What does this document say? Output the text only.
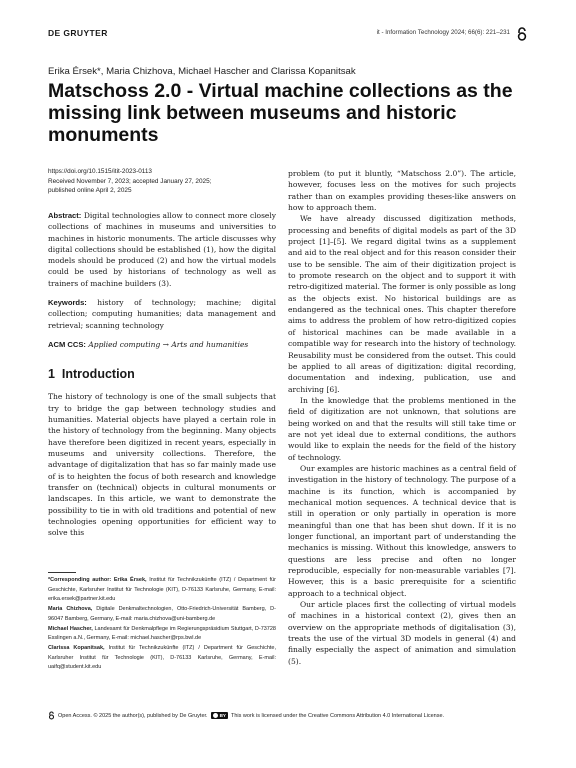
DE GRUYTER	it - Information Technology 2024; 66(6): 221–231
Erika Érsek*, Maria Chizhova, Michael Hascher and Clarissa Kopanitsak
Matschoss 2.0 - Virtual machine collections as the missing link between museums and historic monuments
https://doi.org/10.1515/itit-2023-0113
Received November 7, 2023; accepted January 27, 2025;
published online April 2, 2025

Abstract: Digital technologies allow to connect more closely collections of machines in museums and universities to machines in historic monuments. The article discusses why digital collections should be established (1), how the digital models should be produced (2) and how the virtual models could be used by historians of technology as well as trainers of machine builders (3).

Keywords: history of technology; machine; digital collection; computing humanities; data management and retrieval; scanning technology

ACM CCS: Applied computing → Arts and humanities

1 Introduction

The history of technology is one of the small subjects that try to bridge the gap between technology studies and humanities. Material objects have played a certain role in the history of technology from the beginning. Many objects have therefore been digitized in recent years, especially in museums and university collections. Therefore, the advantage of digitalization that has so far mainly made use of is to heighten the focus of both research and knowledge transfer on (technical) objects in cultural monuments or landscapes. In this article, we want to demonstrate the possibility to tie in with old traditions and potential of new technologies opening opportunities for efficient way to solve this

*Corresponding author: Erika Érsek, Institut für Technikzukünfte (ITZ) / Department für Geschichte, Karlsruher Institut für Technologie (KIT), D-76133 Karlsruhe, Germany, E-mail: erika.ersek@partner.kit.edu

Maria Chizhova, Digitale Denkmaltechnologien, Otto-Friedrich-Universität Bamberg, D-96047 Bamberg, Germany, E-mail: maria.chizhova@uni-bamberg.de

Michael Hascher, Landesamt für Denkmalpflege im Regierungspräsidium Stuttgart, D-73728 Esslingen a.N., Germany, E-mail: michael.hascher@rps.bwl.de

Clarissa Kopanitsak, Institut für Technikzukünfte (ITZ) / Department für Geschichte, Karlsruher Institut für Technologie (KIT), D-76133 Karlsruhe, Germany, E-mail: uaifq@student.kit.edu

problem (to put it bluntly, “Matschoss 2.0”). The article, however, focuses less on the motives for such projects rather than on examples providing theses-like answers on how to approach them.

We have already discussed digitization methods, processing and benefits of digital models as part of the 3D project [1]–[5]. We regard digital twins as a supplement and aid to the real object and for this reason consider their use to be sensible. The aim of their digitization project is to promote research on the object and to support it with retro-digitized material. The former is only possible as long as the objects exist. No historical buildings are as endangered as the technical ones. This chapter therefore aims to address the problem of how retro-digitized copies of historical machines can be made available in a compatible way for research into the history of technology. Reusability must be considered from the outset. This could be applied to all areas of digitization: digital recording, documentation and indexing, publication, use and archiving [6].

In the knowledge that the problems mentioned in the field of digitization are not unknown, that solutions are being worked on and that the results will still take time or are not yet ideal due to external conditions, the authors would like to explain the needs for the field of the history of technology.

Our examples are historic machines as a central field of investigation in the history of technology. The purpose of a machine is its function, which is accompanied by mechanical motion sequences. A technical device that is still in operation or only partially in operation is more meaningful than one that has been shut down. If it is no longer functional, an important part of understanding the mechanics is missing. Without this knowledge, answers to questions are less precise and often no longer reproducible, especially for non-measurable variables [7]. However, this is a basic prerequisite for a scientific approach to a technical object.

Our article places first the collecting of virtual models of machines in a historical context (2), gives then an overview on the appropriate methods of digitalisation (3), treats the use of the virtual 3D models in general (4) and finally especially the aspect of animation and simulation (5).

Open Access. © 2025 the author(s), published by De Gruyter.	BY This work is licensed under the Creative Commons Attribution 4.0 International License.
